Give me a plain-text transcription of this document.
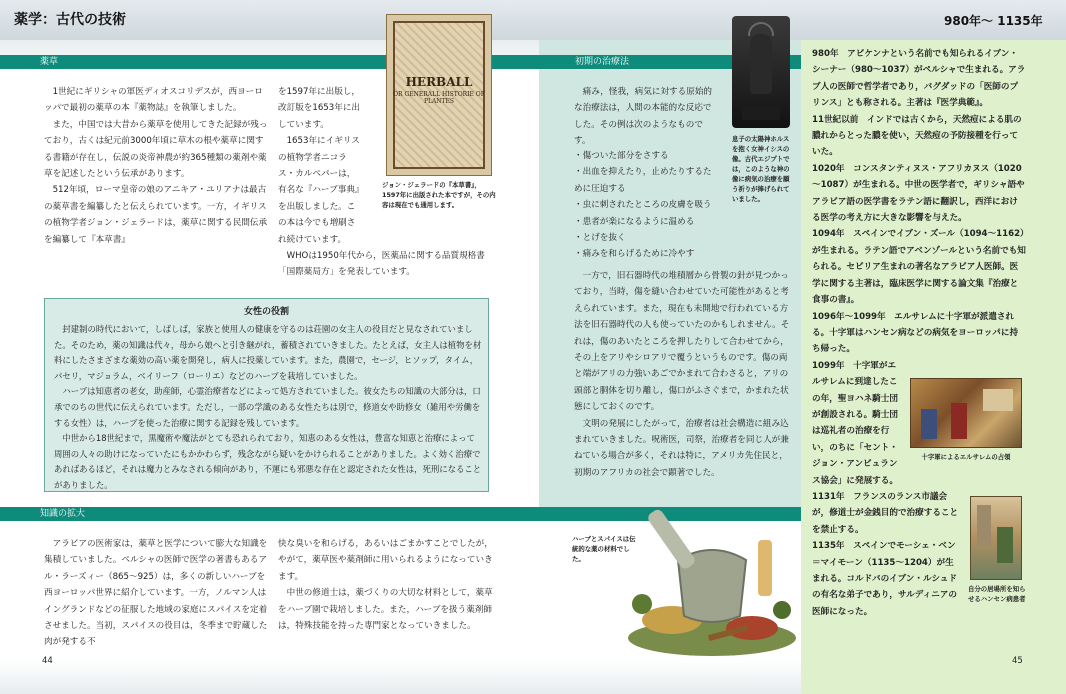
薬学：古代の技術	980年～ 1135年
薬草	初期の治療法
知識の拡大

1世紀にギリシャの軍医ディオスコリデスが，西ヨーロッパで最初の薬草の本『薬物誌』を執筆しました。

また，中国では大昔から薬草を使用してきた記録が残っており，古くは紀元前3000年頃に草木の根や薬草に関する書籍が存在し，伝説の炎帝神農が約365種類の薬剤や薬草を記述したという伝承があります。

512年頃，ローマ皇帝の娘のアニキア・ユリアナは最古の薬草書を編纂したと伝えられています。一方，イギリスの植物学者ジョン・ジェラードは，薬草に関する民間伝承を編纂して『本草書』

を1597年に出版し，改訂版を1653年に出しています。

1653年にイギリスの植物学者ニコラス・カルペパーは，有名な『ハーブ事典』を出版しました。この本は今でも増刷され続けています。

WHOは1950年代から，医薬品に関する品質規格書「国際薬局方」を発表しています。

HERBALL
OR GENERALL HISTORIE OF PLANTES
ジョン・ジェラードの『本草書』，1597年に出版された本ですが，その内容は現在でも通用します。

痛み，怪我，病気に対する原始的な治療法は，人間の本能的な反応でした。その例は次のようなものです。

・傷ついた部分をさする
・出血を抑えたり，止めたりするために圧迫する
・虫に刺されたところの皮膚を吸う
・患者が楽になるように温める
・とげを抜く
・痛みを和らげるために冷やす

一方で，旧石器時代の堆積層から骨製の針が見つかっており，当時，傷を縫い合わせていた可能性があると考えられています。また，現在も未開地で行われている方法を旧石器時代の人も使っていたのかもしれません。それは，傷のあいたところを押したりして合わせてから，その上をアリやシロアリで覆うというものです。傷の両と端がアリの力強いあごでかまれて合わさると，アリの頭部と胴体を切り離し，傷口がふさぐまで，かまれた状態にしておくのです。

文明の発展にしたがって，治療者は社会構造に組み込まれていきました。呪術医，司祭，治療者を同じ人が兼ねている場合が多く，それは特に，アメリカ先住民と，初期のアフリカの社会で顕著でした。

息子の太陽神ホルスを抱く女神イシスの像。古代エジプトでは，このような神の像に病気の治療を願う祈りが捧げられていました。
女性の役割

封建制の時代において，しばしば，家族と使用人の健康を守るのは荘園の女主人の役目だと見なされていました。そのため，薬の知識は代々，母から娘へと引き継がれ，蓄積されていきました。たとえば，女主人は植物を材料にしたさまざまな薬効の高い薬を開発し，病人に投薬しています。また，農園で，セージ，ヒソップ，タイム，パセリ，マジョラム，ベイリーフ（ローリエ）などのハーブを栽培していました。

ハーブは知恵者の老女，助産師，心霊治療者などによって処方されていました。彼女たちの知識の大部分は，口承でのちの世代に伝えられています。ただし，一部の学識のある女性たちは別で，修道女や助修女（雑用や労働をする女性）は，ハーブを使った治療に関する記録を残しています。

中世から18世紀まで，黒魔術や魔法がとても恐れられており，知恵のある女性は，豊富な知恵と治療によって周囲の人々の助けになっていたにもかかわらず，残念ながら疑いをかけられることがありました。よく効く治療であればあるほど，それは魔力とみなされる傾向があり，不運にも邪悪な存在と認定された女性は，死刑になることがありました。

アラビアの医術家は，薬草と医学について膨大な知識を集積していました。ペルシャの医師で医学の著書もあるアル・ラーズィー（865～925）は，多くの新しいハーブを西ヨーロッパ世界に紹介しています。一方，ノルマン人はイングランドなどの征服した地域の家庭にスパイスを定着させました。当初，スパイスの役目は，冬季まで貯蔵した肉が発する不

快な臭いを和らげる，あるいはごまかすことでしたが，やがて，薬草医や薬剤師に用いられるようになっていきます。

中世の修道士は，薬づくりの大切な材料として，薬草をハーブ園で栽培しました。また，ハーブを扱う薬剤師は，特殊技能を持った専門家となっていきました。

ハーブとスパイスは伝統的な薬の材料でした。
980年　アビケンナという名前でも知られるイブン・シーナー（980～1037）がペルシャで生まれる。アラブ人の医師で哲学者であり，バグダッドの「医師のプリンス」とも称される。主著は『医学典範』。
11世紀以前　インドでは古くから，天然痘による肌の膿れからとった膿を使い，天然痘の予防接種を行っていた。
1020年　コンスタンティヌス・アフリカヌス（1020～1087）が生まれる。中世の医学者で，ギリシャ語やアラビア語の医学書をラテン語に翻訳し，西洋における医学の考え方に大きな影響を与えた。
1094年　スペインでイブン・ズール（1094～1162）が生まれる。ラテン語でアベンゾールという名前でも知られる。セビリア生まれの著名なアラビア人医師。医学に関する主著は，臨床医学に関する論文集『治療と食事の書』。
1096年～1099年　エルサレムに十字軍が派遣される。十字軍はハンセン病などの病気をヨーロッパに持ち帰った。
1099年　十字軍がエルサレムに到達したこの年，聖ヨハネ騎士団が創設される。騎士団は巡礼者の治療を行い，のちに「セント・ジョン・アンビュランス協会」に発展する。
1131年　フランスのランス市議会が，修道士が金銭目的で治療することを禁止する。
1135年　スペインでモーシェ・ベン＝マイモーン（1135～1204）が生まれる。コルドバのイブン・ルシュドの有名な弟子であり，サルディニアの医師になった。
十字軍によるエルサレムの占領
自分の居場所を知らせるハンセン病患者
44	45
